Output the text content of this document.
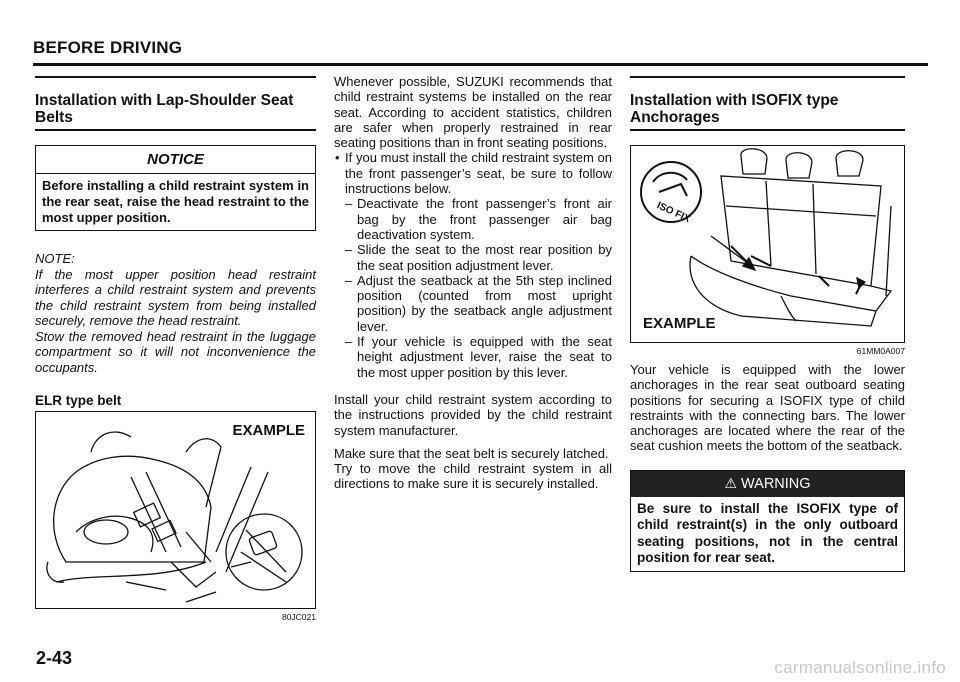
BEFORE DRIVING
Installation with Lap-Shoulder Seat Belts
NOTICE
Before installing a child restraint system in the rear seat, raise the head restraint to the most upper position.

NOTE:

If the most upper position head restraint interferes a child restraint system and prevents the child restraint system from being installed securely, remove the head restraint.

Stow the removed head restraint in the luggage compartment so it will not inconvenience the occupants.

ELR type belt
EXAMPLE
80JC021

Whenever possible, SUZUKI recommends that child restraint systems be installed on the rear seat. According to accident statistics, children are safer when properly restrained in rear seating positions than in front seating positions.

• If you must install the child restraint system on the front passenger’s seat, be sure to follow instructions below.
– Deactivate the front passenger’s front air bag by the front passenger air bag deactivation system.
– Slide the seat to the most rear position by the seat position adjustment lever.
– Adjust the seatback at the 5th step inclined position (counted from most upright position) by the seatback angle adjustment lever.
– If your vehicle is equipped with the seat height adjustment lever, raise the seat to the most upper position by this lever.

Install your child restraint system according to the instructions provided by the child restraint system manufacturer.

Make sure that the seat belt is securely latched.

Try to move the child restraint system in all directions to make sure it is securely installed.

Installation with ISOFIX type Anchorages
EXAMPLE
ISO FIX
61MM0A007

Your vehicle is equipped with the lower anchorages in the rear seat outboard seating positions for securing a ISOFIX type of child restraints with the connecting bars. The lower anchorages are located where the rear of the seat cushion meets the bottom of the seatback.

⚠ WARNING
Be sure to install the ISOFIX type of child restraint(s) in the only outboard seating positions, not in the central position for rear seat.
2-43	carmanualsonline.info
